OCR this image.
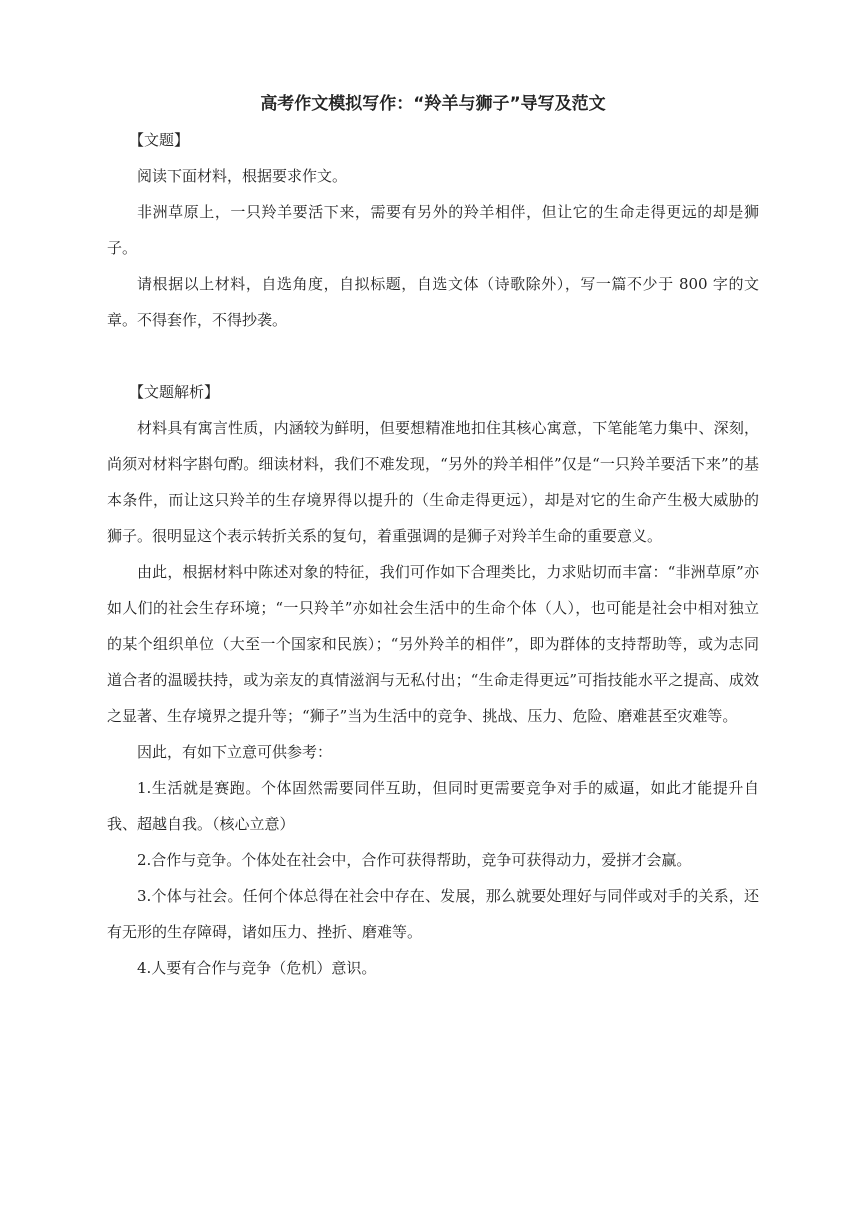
高考作文模拟写作：“羚羊与狮子”导写及范文

【文题】

阅读下面材料，根据要求作文。

非洲草原上，一只羚羊要活下来，需要有另外的羚羊相伴，但让它的生命走得更远的却是狮子。

请根据以上材料，自选角度，自拟标题，自选文体（诗歌除外），写一篇不少于 800 字的文章。不得套作，不得抄袭。

【文题解析】

材料具有寓言性质，内涵较为鲜明，但要想精准地扣住其核心寓意，下笔能笔力集中、深刻，尚须对材料字斟句酌。细读材料，我们不难发现，“另外的羚羊相伴”仅是“一只羚羊要活下来”的基本条件，而让这只羚羊的生存境界得以提升的（生命走得更远），却是对它的生命产生极大威胁的狮子。很明显这个表示转折关系的复句，着重强调的是狮子对羚羊生命的重要意义。

由此，根据材料中陈述对象的特征，我们可作如下合理类比，力求贴切而丰富：“非洲草原”亦如人们的社会生存环境；“一只羚羊”亦如社会生活中的生命个体（人），也可能是社会中相对独立的某个组织单位（大至一个国家和民族）；“另外羚羊的相伴”，即为群体的支持帮助等，或为志同道合者的温暖扶持，或为亲友的真情滋润与无私付出；“生命走得更远”可指技能水平之提高、成效之显著、生存境界之提升等；“狮子”当为生活中的竞争、挑战、压力、危险、磨难甚至灾难等。

因此，有如下立意可供参考：

1.生活就是赛跑。个体固然需要同伴互助，但同时更需要竞争对手的威逼，如此才能提升自我、超越自我。（核心立意）

2.合作与竞争。个体处在社会中，合作可获得帮助，竞争可获得动力，爱拼才会赢。

3.个体与社会。任何个体总得在社会中存在、发展，那么就要处理好与同伴或对手的关系，还有无形的生存障碍，诸如压力、挫折、磨难等。

4.人要有合作与竞争（危机）意识。
